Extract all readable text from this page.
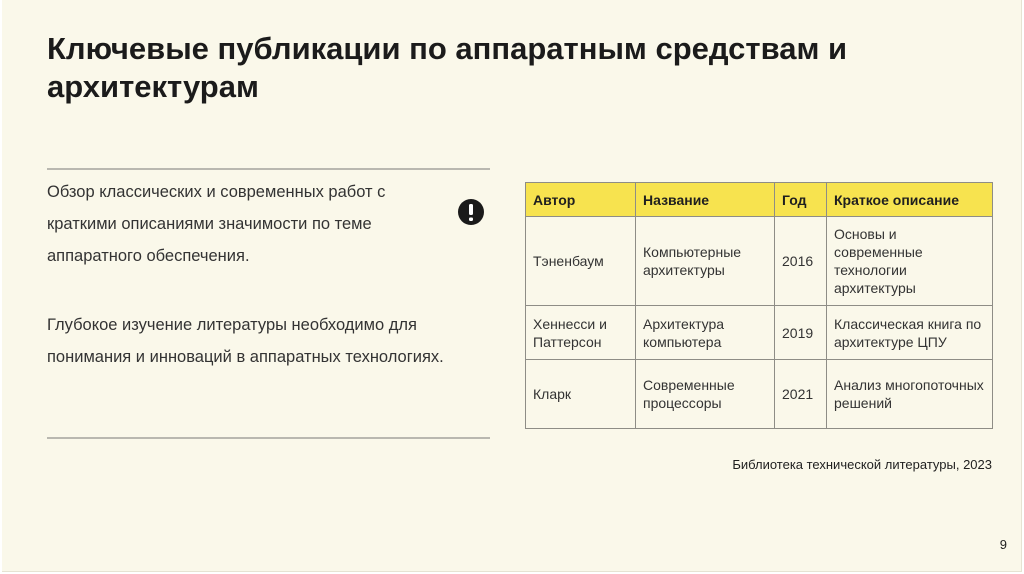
Ключевые публикации по аппаратным средствам и архитектурам
Обзор классических и современных работ с краткими описаниями значимости по теме аппаратного обеспечения.
Глубокое изучение литературы необходимо для понимания и инноваций в аппаратных технологиях.
Автор	Название	Год	Краткое описание
Тэненбаум	Компьютерные архитектуры	2016	Основы и современные технологии архитектуры
Хеннесси и Паттерсон	Архитектура компьютера	2019	Классическая книга по архитектуре ЦПУ
Кларк	Современные процессоры	2021	Анализ многопоточных решений
Библиотека технической литературы, 2023
9
